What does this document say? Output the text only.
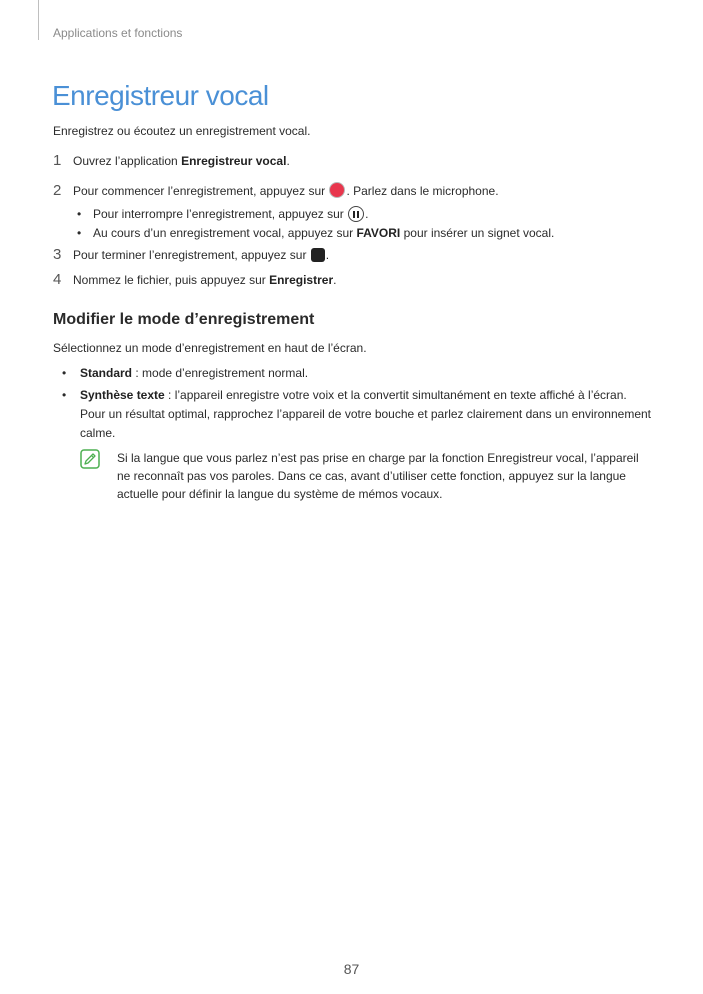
Applications et fonctions
Enregistreur vocal
Enregistrez ou écoutez un enregistrement vocal.
1 Ouvrez l’application Enregistreur vocal.
2 Pour commencer l’enregistrement, appuyez sur . Parlez dans le microphone.
• Pour interrompre l’enregistrement, appuyez sur .
• Au cours d’un enregistrement vocal, appuyez sur FAVORI pour insérer un signet vocal.
3 Pour terminer l’enregistrement, appuyez sur .
4 Nommez le fichier, puis appuyez sur Enregistrer.
Modifier le mode d’enregistrement
Sélectionnez un mode d’enregistrement en haut de l’écran.
• Standard : mode d’enregistrement normal.
• Synthèse texte : l’appareil enregistre votre voix et la convertit simultanément en texte affiché à l’écran. Pour un résultat optimal, rapprochez l’appareil de votre bouche et parlez clairement dans un environnement calme.
Si la langue que vous parlez n’est pas prise en charge par la fonction Enregistreur vocal, l’appareil ne reconnaît pas vos paroles. Dans ce cas, avant d’utiliser cette fonction, appuyez sur la langue actuelle pour définir la langue du système de mémos vocaux.
87
